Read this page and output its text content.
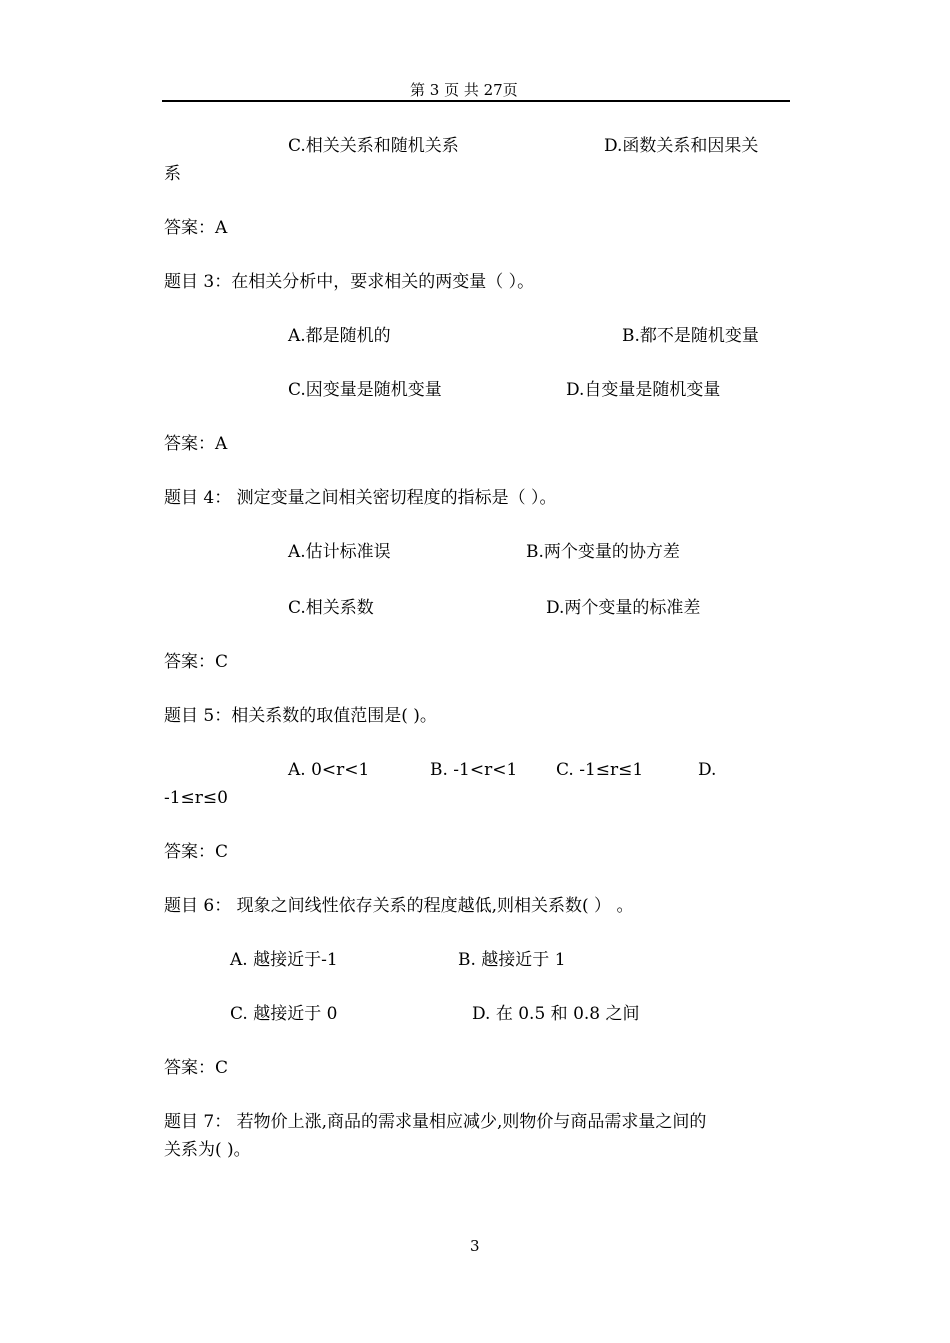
第 3 页 共 27页
C.相关关系和随机关系	D.函数关系和因果关
系
答案：A
题目 3：在相关分析中，要求相关的两变量（ ）。
A.都是随机的	B.都不是随机变量
C.因变量是随机变量	D.自变量是随机变量
答案：A
题目 4： 测定变量之间相关密切程度的指标是（ ）。
A.估计标准误	B.两个变量的协方差
C.相关系数	D.两个变量的标准差
答案：C
题目 5：相关系数的取值范围是( )。
A. 0<r<1	B. -1<r<1 C. -1≤r≤1	D.
-1≤r≤0
答案：C
题目 6： 现象之间线性依存关系的程度越低,则相关系数( ） 。
A. 越接近于-1	B. 越接近于 1
C. 越接近于 0	D. 在 0.5 和 0.8 之间
答案：C
题目 7： 若物价上涨,商品的需求量相应减少,则物价与商品需求量之间的
关系为( )。
3
